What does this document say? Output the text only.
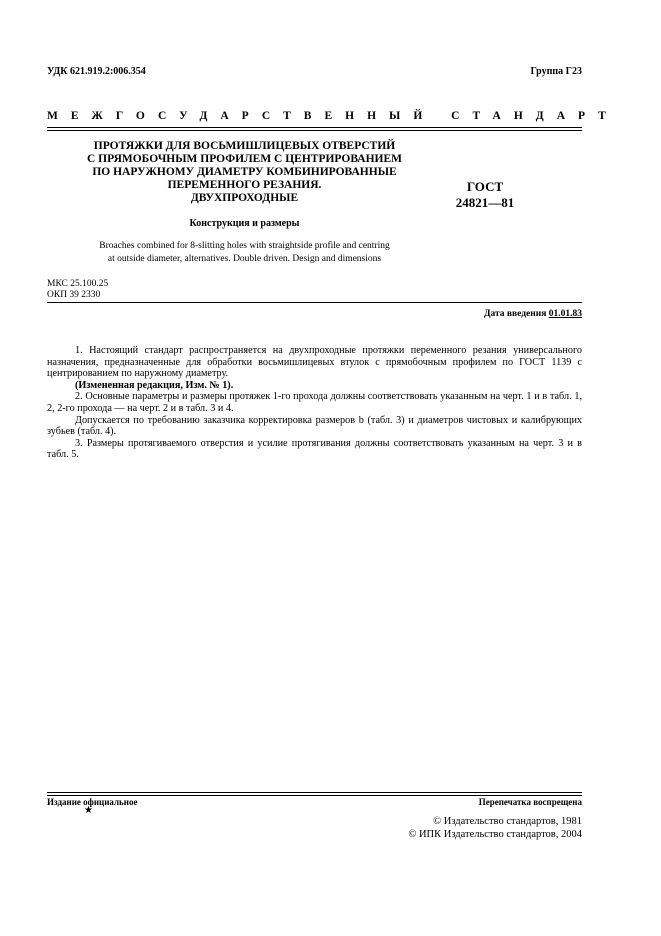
УДК 621.919.2:006.354	Группа Г23
МЕЖГОСУДАРСТВЕННЫЙ СТАНДАРТ
ПРОТЯЖКИ ДЛЯ ВОСЬМИШЛИЦЕВЫХ ОТВЕРСТИЙ
С ПРЯМОБОЧНЫМ ПРОФИЛЕМ С ЦЕНТРИРОВАНИЕМ
ПО НАРУЖНОМУ ДИАМЕТРУ КОМБИНИРОВАННЫЕ
ПЕРЕМЕННОГО РЕЗАНИЯ.
ДВУХПРОХОДНЫЕ
ГОСТ
24821—81
Конструкция и размеры
Broaches combined for 8-slitting holes with straightside profile and centring
at outside diameter, alternatives. Double driven. Design and dimensions
МКС 25.100.25
ОКП 39 2330
Дата введения 01.01.83

1. Настоящий стандарт распространяется на двухпроходные протяжки переменного резания универсального назначения, предназначенные для обработки восьмишлицевых втулок с прямобочным профилем по ГОСТ 1139 с центрированием по наружному диаметру.

(Измененная редакция, Изм. № 1).

2. Основные параметры и размеры протяжек 1-го прохода должны соответствовать указанным на черт. 1 и в табл. 1, 2, 2-го прохода — на черт. 2 и в табл. 3 и 4.

Допускается по требованию заказчика корректировка размеров b (табл. 3) и диаметров чистовых и калибрующих зубьев (табл. 4).

3. Размеры протягиваемого отверстия и усилие протягивания должны соответствовать указанным на черт. 3 и в табл. 5.

Издание официальное	Перепечатка воспрещена
★
© Издательство стандартов, 1981
© ИПК Издательство стандартов, 2004
